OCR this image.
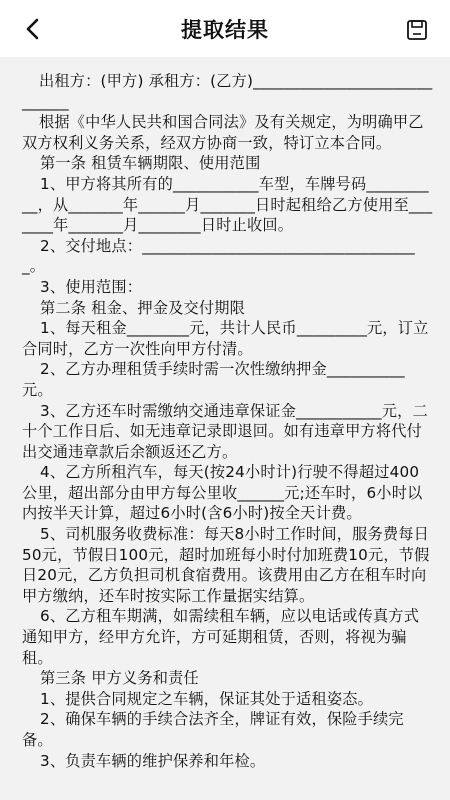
提取结果

出租方：(甲方) 承租方：(乙方)_____________________________

根据《中华人民共和国合同法》及有关规定，为明确甲乙双方权利义务关系，经双方协商一致，特订立本合同。

第一条 租赁车辆期限、使用范围

1、甲方将其所有的___________车型，车牌号码__________，从_______年______月_______日时起租给乙方使用至_______年_______月________日时止收回。

2、交付地点：____________________________________。

3、使用范围：

第二条 租金、押金及交付期限

1、每天租金________元，共计人民币_________元，订立合同时，乙方一次性向甲方付清。

2、乙方办理租赁手续时需一次性缴纳押金__________元。

3、乙方还车时需缴纳交通违章保证金___________元，二十个工作日后、如无违章记录即退回。如有违章甲方将代付出交通违章款后余额返还乙方。

4、乙方所租汽车，每天(按24小时计)行驶不得超过400公里，超出部分由甲方每公里收______元;还车时，6小时以内按半天计算，超过6小时(含6小时)按全天计费。

5、司机服务收费标准：每天8小时工作时间，服务费每日50元，节假日100元，超时加班每小时付加班费10元，节假日20元，乙方负担司机食宿费用。该费用由乙方在租车时向甲方缴纳，还车时按实际工作量据实结算。

6、乙方租车期满，如需续租车辆，应以电话或传真方式通知甲方，经甲方允许，方可延期租赁，否则，将视为骗租。

第三条 甲方义务和责任

1、提供合同规定之车辆，保证其处于适租姿态。

2、确保车辆的手续合法齐全，牌证有效，保险手续完备。

3、负责车辆的维护保养和年检。
